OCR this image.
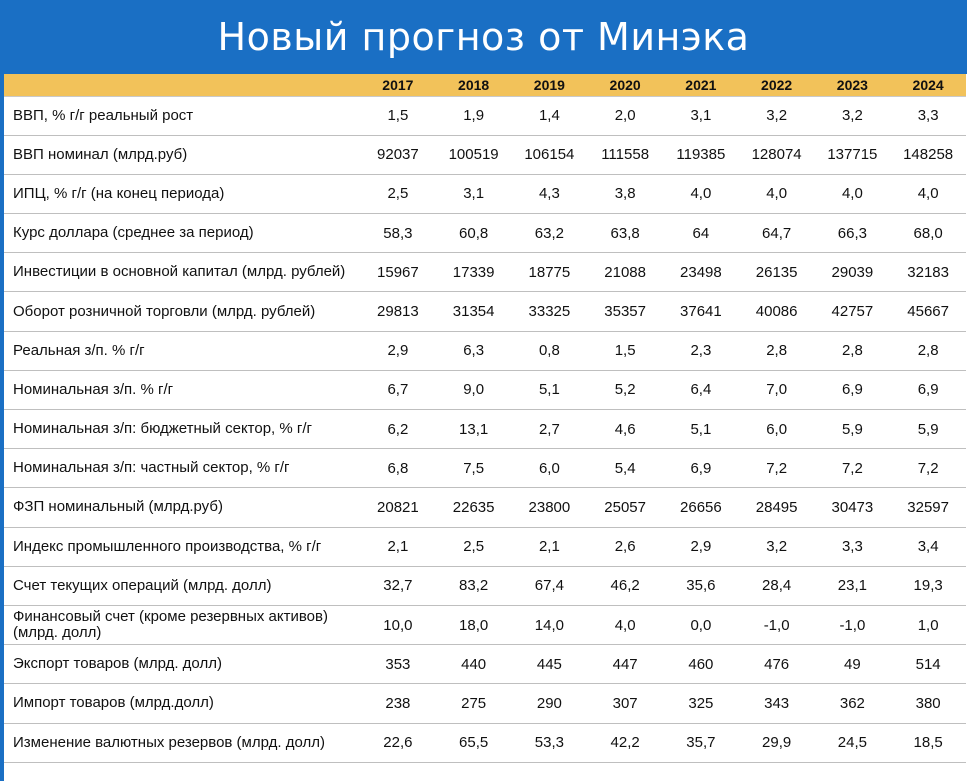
Новый прогноз от Минэка
	2017	2018	2019	2020	2021	2022	2023	2024
ВВП, % г/г реальный рост	1,5	1,9	1,4	2,0	3,1	3,2	3,2	3,3
ВВП номинал (млрд.руб)	92037	100519	106154	111558	119385	128074	137715	148258
ИПЦ, % г/г (на конец периода)	2,5	3,1	4,3	3,8	4,0	4,0	4,0	4,0
Курс доллара (среднее за период)	58,3	60,8	63,2	63,8	64	64,7	66,3	68,0
Инвестиции в основной капитал (млрд. рублей)	15967	17339	18775	21088	23498	26135	29039	32183
Оборот розничной торговли (млрд. рублей)	29813	31354	33325	35357	37641	40086	42757	45667
Реальная з/п. % г/г	2,9	6,3	0,8	1,5	2,3	2,8	2,8	2,8
Номинальная з/п. % г/г	6,7	9,0	5,1	5,2	6,4	7,0	6,9	6,9
Номинальная з/п: бюджетный сектор, % г/г	6,2	13,1	2,7	4,6	5,1	6,0	5,9	5,9
Номинальная з/п: частный сектор, % г/г	6,8	7,5	6,0	5,4	6,9	7,2	7,2	7,2
ФЗП номинальный (млрд.руб)	20821	22635	23800	25057	26656	28495	30473	32597
Индекс промышленного производства, % г/г	2,1	2,5	2,1	2,6	2,9	3,2	3,3	3,4
Счет текущих операций (млрд. долл)	32,7	83,2	67,4	46,2	35,6	28,4	23,1	19,3
Финансовый счет (кроме резервных активов) (млрд. долл)	10,0	18,0	14,0	4,0	0,0	-1,0	-1,0	1,0
Экспорт товаров (млрд. долл)	353	440	445	447	460	476	49	514
Импорт товаров (млрд.долл)	238	275	290	307	325	343	362	380
Изменение валютных резервов (млрд. долл)	22,6	65,5	53,3	42,2	35,7	29,9	24,5	18,5
